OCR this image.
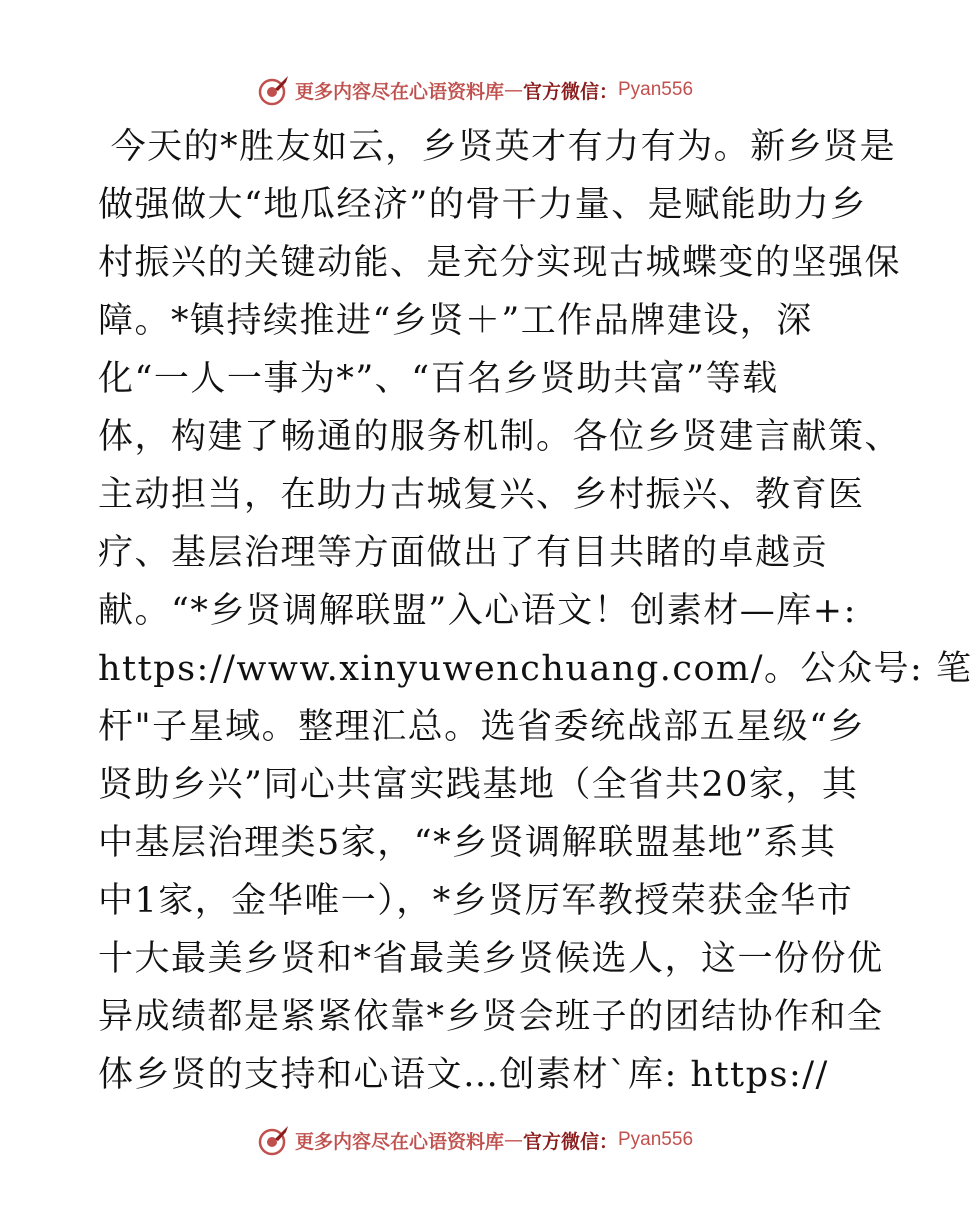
更多内容尽在心语资料库 — 官方微信： Pyan556
今天的*胜友如云，乡贤英才有力有为。新乡贤是
做强做大“地瓜经济”的骨干力量、是赋能助力乡
村振兴的关键动能、是充分实现古城蝶变的坚强保
障。*镇持续推进“乡贤＋”工作品牌建设，深
化“一人一事为*”、“百名乡贤助共富”等载
体，构建了畅通的服务机制。各位乡贤建言献策、
主动担当，在助力古城复兴、乡村振兴、教育医
疗、基层治理等方面做出了有目共睹的卓越贡
献。“*乡贤调解联盟”入心语文！创素材—库+:
https://www.xinyuwenchuang.com/。公众号: 笔
杆"子星域。整理汇总。选省委统战部五星级“乡
贤助乡兴”同心共富实践基地（全省共20家，其
中基层治理类5家，“*乡贤调解联盟基地”系其
中1家，金华唯一），*乡贤厉军教授荣获金华市
十大最美乡贤和*省最美乡贤候选人，这一份份优
异成绩都是紧紧依靠*乡贤会班子的团结协作和全
体乡贤的支持和心语文…创素材`库: https://
更多内容尽在心语资料库 — 官方微信： Pyan556
